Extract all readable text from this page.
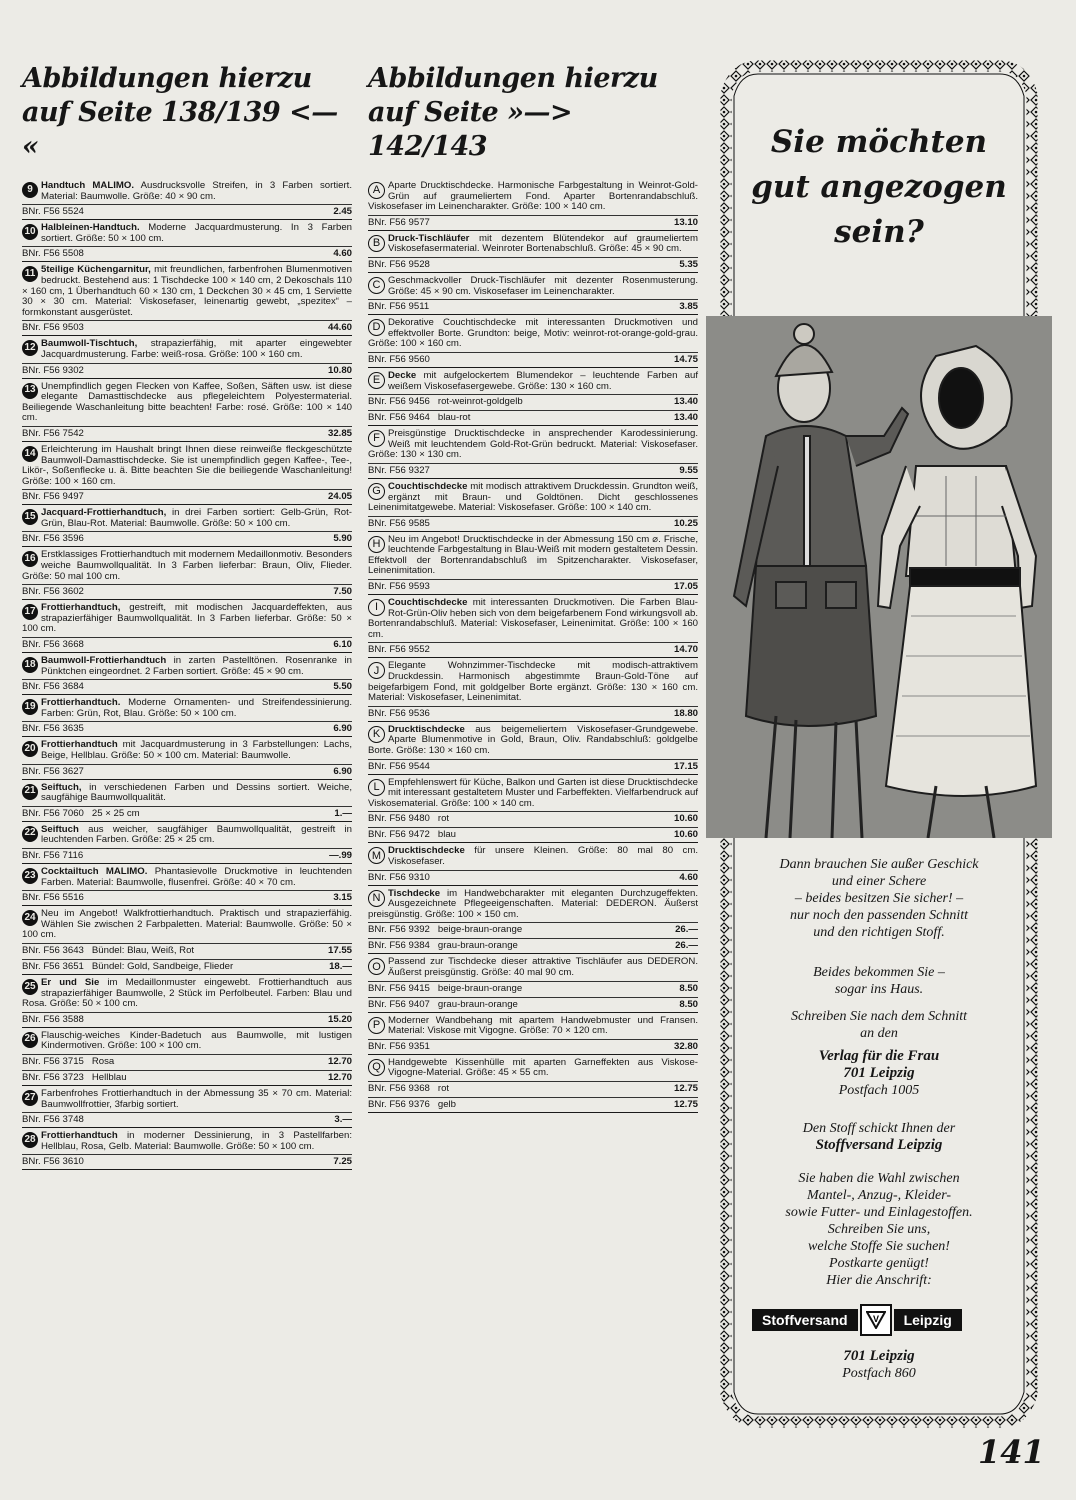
Abbildungen hierzu
auf Seite 138/139 <— «
9 Handtuch MALIMO. Ausdrucksvolle Streifen, in 3 Farben sortiert. Material: Baumwolle. Größe: 40 × 90 cm.
BNr. F56 5524	2.45
10 Halbleinen-Handtuch. Moderne Jacquardmusterung. In 3 Farben sortiert. Größe: 50 × 100 cm.
BNr. F56 5508	4.60
11 5teilige Küchengarnitur, mit freundlichen, farbenfrohen Blumenmotiven bedruckt. Bestehend aus: 1 Tischdecke 100 × 140 cm, 2 Dekoschals 110 × 160 cm, 1 Überhandtuch 60 × 130 cm, 1 Deckchen 30 × 45 cm, 1 Serviette 30 × 30 cm. Material: Viskosefaser, leinenartig gewebt, „spezitex“ – formkonstant ausgerüstet.
BNr. F56 9503	44.60
12 Baumwoll-Tischtuch, strapazierfähig, mit aparter eingewebter Jacquardmusterung. Farbe: weiß-rosa. Größe: 100 × 160 cm.
BNr. F56 9302	10.80
13 Unempfindlich gegen Flecken von Kaffee, Soßen, Säften usw. ist diese elegante Damasttischdecke aus pflegeleichtem Polyestermaterial. Beiliegende Waschanleitung bitte beachten! Farbe: rosé. Größe: 100 × 140 cm.
BNr. F56 7542	32.85
14 Erleichterung im Haushalt bringt Ihnen diese reinweiße fleckgeschützte Baumwoll-Damasttischdecke. Sie ist unempfindlich gegen Kaffee-, Tee-, Likör-, Soßenflecke u. ä. Bitte beachten Sie die beiliegende Waschanleitung! Größe: 100 × 160 cm.
BNr. F56 9497	24.05
15 Jacquard-Frottierhandtuch, in drei Farben sortiert: Gelb-Grün, Rot-Grün, Blau-Rot. Material: Baumwolle. Größe: 50 × 100 cm.
BNr. F56 3596	5.90
16 Erstklassiges Frottierhandtuch mit modernem Medaillonmotiv. Besonders weiche Baumwollqualität. In 3 Farben lieferbar: Braun, Oliv, Flieder. Größe: 50 mal 100 cm.
BNr. F56 3602	7.50
17 Frottierhandtuch, gestreift, mit modischen Jacquardeffekten, aus strapazierfähiger Baumwollqualität. In 3 Farben lieferbar. Größe: 50 × 100 cm.
BNr. F56 3668	6.10
18 Baumwoll-Frottierhandtuch in zarten Pastelltönen. Rosenranke in Pünktchen eingeordnet. 2 Farben sortiert. Größe: 45 × 90 cm.
BNr. F56 3684	5.50
19 Frottierhandtuch. Moderne Ornamenten- und Streifendessinierung. Farben: Grün, Rot, Blau. Größe: 50 × 100 cm.
BNr. F56 3635	6.90
20 Frottierhandtuch mit Jacquardmusterung in 3 Farbstellungen: Lachs, Beige, Hellblau. Größe: 50 × 100 cm. Material: Baumwolle.
BNr. F56 3627	6.90
21 Seiftuch, in verschiedenen Farben und Dessins sortiert. Weiche, saugfähige Baumwollqualität.
BNr. F56 7060 25 × 25 cm	1.—
22 Seiftuch aus weicher, saugfähiger Baumwollqualität, gestreift in leuchtenden Farben. Größe: 25 × 25 cm.
BNr. F56 7116	—.99
23 Cocktailtuch MALIMO. Phantasievolle Druckmotive in leuchtenden Farben. Material: Baumwolle, flusenfrei. Größe: 40 × 70 cm.
BNr. F56 5516	3.15
24 Neu im Angebot! Walkfrottierhandtuch. Praktisch und strapazierfähig. Wählen Sie zwischen 2 Farbpaletten. Material: Baumwolle. Größe: 50 × 100 cm.
BNr. F56 3643 Bündel: Blau, Weiß, Rot	17.55
BNr. F56 3651 Bündel: Gold, Sandbeige, Flieder	18.—
25 Er und Sie im Medaillonmuster eingewebt. Frottierhandtuch aus strapazierfähiger Baumwolle, 2 Stück im Perfolbeutel. Farben: Blau und Rosa. Größe: 50 × 100 cm.
BNr. F56 3588	15.20
26 Flauschig-weiches Kinder-Badetuch aus Baumwolle, mit lustigen Kindermotiven. Größe: 100 × 100 cm.
BNr. F56 3715 Rosa	12.70
BNr. F56 3723 Hellblau	12.70
27 Farbenfrohes Frottierhandtuch in der Abmessung 35 × 70 cm. Material: Baumwollfrottier, 3farbig sortiert.
BNr. F56 3748	3.—
28 Frottierhandtuch in moderner Dessinierung, in 3 Pastellfarben: Hellblau, Rosa, Gelb. Material: Baumwolle. Größe: 50 × 100 cm.
BNr. F56 3610	7.25
Abbildungen hierzu
auf Seite »—> 142/143
A Aparte Drucktischdecke. Harmonische Farbgestaltung in Weinrot-Gold-Grün auf graumeliertem Fond. Aparter Bortenrandabschluß. Viskosefaser im Leinencharakter. Größe: 100 × 140 cm.
BNr. F56 9577	13.10
B Druck-Tischläufer mit dezentem Blütendekor auf graumeliertem Viskosefasermaterial. Weinroter Bortenabschluß. Größe: 45 × 90 cm.
BNr. F56 9528	5.35
C Geschmackvoller Druck-Tischläufer mit dezenter Rosenmusterung. Größe: 45 × 90 cm. Viskosefaser im Leinencharakter.
BNr. F56 9511	3.85
D Dekorative Couchtischdecke mit interessanten Druckmotiven und effektvoller Borte. Grundton: beige, Motiv: weinrot-rot-orange-gold-grau. Größe: 100 × 160 cm.
BNr. F56 9560	14.75
E Decke mit aufgelockertem Blumendekor – leuchtende Farben auf weißem Viskosefasergewebe. Größe: 130 × 160 cm.
BNr. F56 9456 rot-weinrot-goldgelb	13.40
BNr. F56 9464 blau-rot	13.40
F Preisgünstige Drucktischdecke in ansprechender Karodessinierung. Weiß mit leuchtendem Gold-Rot-Grün bedruckt. Material: Viskosefaser. Größe: 130 × 130 cm.
BNr. F56 9327	9.55
G Couchtischdecke mit modisch attraktivem Druckdessin. Grundton weiß, ergänzt mit Braun- und Goldtönen. Dicht geschlossenes Leinenimitatgewebe. Material: Viskosefaser. Größe: 100 × 140 cm.
BNr. F56 9585	10.25
H Neu im Angebot! Drucktischdecke in der Abmessung 150 cm ⌀. Frische, leuchtende Farbgestaltung in Blau-Weiß mit modern gestaltetem Dessin. Effektvoll der Bortenrandabschluß im Spitzencharakter. Viskosefaser, Leinenimitation.
BNr. F56 9593	17.05
I	Couchtischdecke mit interessanten Druckmotiven. Die Farben Blau-Rot-Grün-Oliv heben sich von dem beigefarbenem Fond wirkungsvoll ab. Bortenrandabschluß. Material: Viskosefaser, Leinenimitat. Größe: 100 × 160 cm.
BNr. F56 9552	14.70
J Elegante Wohnzimmer-Tischdecke mit modisch-attraktivem Druckdessin. Harmonisch abgestimmte Braun-Gold-Töne auf beigefarbigem Fond, mit goldgelber Borte ergänzt. Größe: 130 × 160 cm. Material: Viskosefaser, Leinenimitat.
BNr. F56 9536	18.80
K Drucktischdecke aus beigemeliertem Viskosefaser-Grundgewebe. Aparte Blumenmotive in Gold, Braun, Oliv. Randabschluß: goldgelbe Borte. Größe: 130 × 160 cm.
BNr. F56 9544	17.15
L Empfehlenswert für Küche, Balkon und Garten ist diese Drucktischdecke mit interessant gestaltetem Muster und Farbeffekten. Vielfarbendruck auf Viskosematerial. Größe: 100 × 140 cm.
BNr. F56 9480 rot	10.60
BNr. F56 9472 blau	10.60
M Drucktischdecke für unsere Kleinen. Größe: 80 mal 80 cm. Viskosefaser.
BNr. F56 9310	4.60
N Tischdecke im Handwebcharakter mit eleganten Durchzugeffekten. Ausgezeichnete Pflegeeigenschaften. Material: DEDERON. Äußerst preisgünstig. Größe: 100 × 150 cm.
BNr. F56 9392 beige-braun-orange	26.—
BNr. F56 9384 grau-braun-orange	26.—
O Passend zur Tischdecke dieser attraktive Tischläufer aus DEDERON. Äußerst preisgünstig. Größe: 40 mal 90 cm.
BNr. F56 9415 beige-braun-orange	8.50
BNr. F56 9407 grau-braun-orange	8.50
P Moderner Wandbehang mit apartem Handwebmuster und Fransen. Material: Viskose mit Vigogne. Größe: 70 × 120 cm.
BNr. F56 9351	32.80
Q Handgewebte Kissenhülle mit aparten Garneffekten aus Viskose-Vigogne-Material. Größe: 45 × 55 cm.
BNr. F56 9368 rot	12.75
BNr. F56 9376 gelb	12.75
Sie möchten
gut angezogen
sein?
Dann brauchen Sie außer Geschick
und einer Schere
– beides besitzen Sie sicher! –
nur noch den passenden Schnitt
und den richtigen Stoff.
Beides bekommen Sie –
sogar ins Haus.
Schreiben Sie nach dem Schnitt
an den
Verlag für die Frau
701 Leipzig
Postfach 1005
Den Stoff schickt Ihnen der
Stoffversand Leipzig
Sie haben die Wahl zwischen
Mantel-, Anzug-, Kleider-
sowie Futter- und Einlagestoffen.
Schreiben Sie uns,
welche Stoffe Sie suchen!
Postkarte genügt!
Hier die Anschrift:
Stoffversand	V	Leipzig
701 Leipzig
Postfach 860
141
